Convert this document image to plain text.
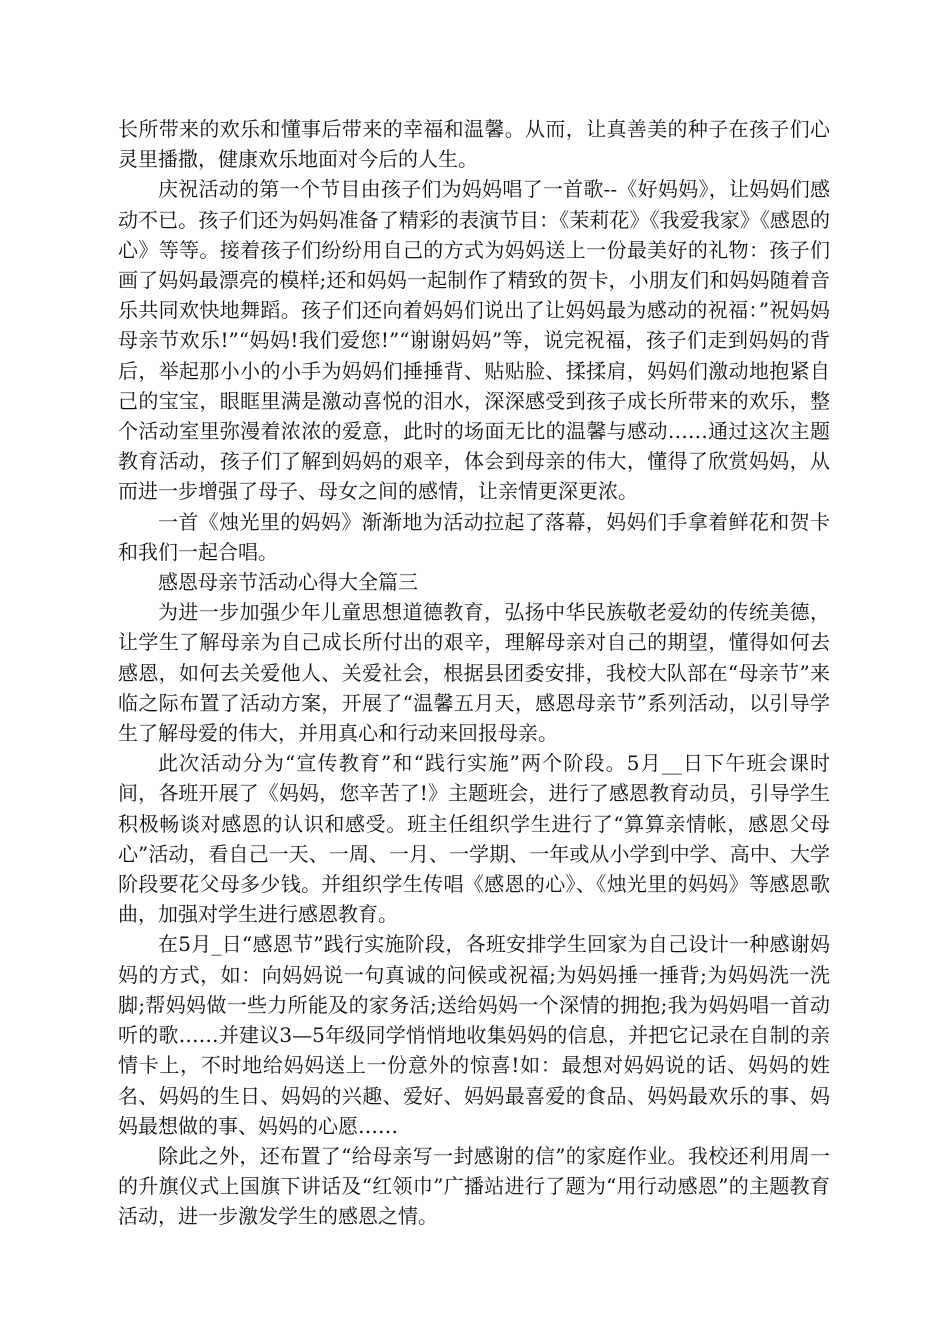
长所带来的欢乐和懂事后带来的幸福和温馨。从而，让真善美的种子在孩子们心灵里播撒，健康欢乐地面对今后的人生。

庆祝活动的第一个节目由孩子们为妈妈唱了一首歌--《好妈妈》，让妈妈们感动不已。孩子们还为妈妈准备了精彩的表演节目：《茉莉花》《我爱我家》《感恩的心》等等。接着孩子们纷纷用自己的方式为妈妈送上一份最美好的礼物：孩子们画了妈妈最漂亮的模样;还和妈妈一起制作了精致的贺卡，小朋友们和妈妈随着音乐共同欢快地舞蹈。孩子们还向着妈妈们说出了让妈妈最为感动的祝福：”祝妈妈母亲节欢乐!”“妈妈!我们爱您!”“谢谢妈妈”等，说完祝福，孩子们走到妈妈的背后，举起那小小的小手为妈妈们捶捶背、贴贴脸、揉揉肩，妈妈们激动地抱紧自己的宝宝，眼眶里满是激动喜悦的泪水，深深感受到孩子成长所带来的欢乐，整个活动室里弥漫着浓浓的爱意，此时的场面无比的温馨与感动……通过这次主题教育活动，孩子们了解到妈妈的艰辛，体会到母亲的伟大，懂得了欣赏妈妈，从而进一步增强了母子、母女之间的感情，让亲情更深更浓。

一首《烛光里的妈妈》渐渐地为活动拉起了落幕，妈妈们手拿着鲜花和贺卡和我们一起合唱。

感恩母亲节活动心得大全篇三

为进一步加强少年儿童思想道德教育，弘扬中华民族敬老爱幼的传统美德，让学生了解母亲为自己成长所付出的艰辛，理解母亲对自己的期望，懂得如何去感恩，如何去关爱他人、关爱社会，根据县团委安排，我校大队部在“母亲节”来临之际布置了活动方案，开展了“温馨五月天，感恩母亲节”系列活动，以引导学生了解母爱的伟大，并用真心和行动来回报母亲。

此次活动分为“宣传教育”和“践行实施”两个阶段。5月__日下午班会课时间，各班开展了《妈妈，您辛苦了!》主题班会，进行了感恩教育动员，引导学生积极畅谈对感恩的认识和感受。班主任组织学生进行了“算算亲情帐，感恩父母心”活动，看自己一天、一周、一月、一学期、一年或从小学到中学、高中、大学阶段要花父母多少钱。并组织学生传唱《感恩的心》、《烛光里的妈妈》等感恩歌曲，加强对学生进行感恩教育。

在5月_日“感恩节”践行实施阶段，各班安排学生回家为自己设计一种感谢妈妈的方式，如：向妈妈说一句真诚的问候或祝福;为妈妈捶一捶背;为妈妈洗一洗脚;帮妈妈做一些力所能及的家务活;送给妈妈一个深情的拥抱;我为妈妈唱一首动听的歌……并建议3—5年级同学悄悄地收集妈妈的信息，并把它记录在自制的亲情卡上，不时地给妈妈送上一份意外的惊喜!如：最想对妈妈说的话、妈妈的姓名、妈妈的生日、妈妈的兴趣、爱好、妈妈最喜爱的食品、妈妈最欢乐的事、妈妈最想做的事、妈妈的心愿……

除此之外，还布置了“给母亲写一封感谢的信”的家庭作业。我校还利用周一的升旗仪式上国旗下讲话及“红领巾”广播站进行了题为“用行动感恩”的主题教育活动，进一步激发学生的感恩之情。
